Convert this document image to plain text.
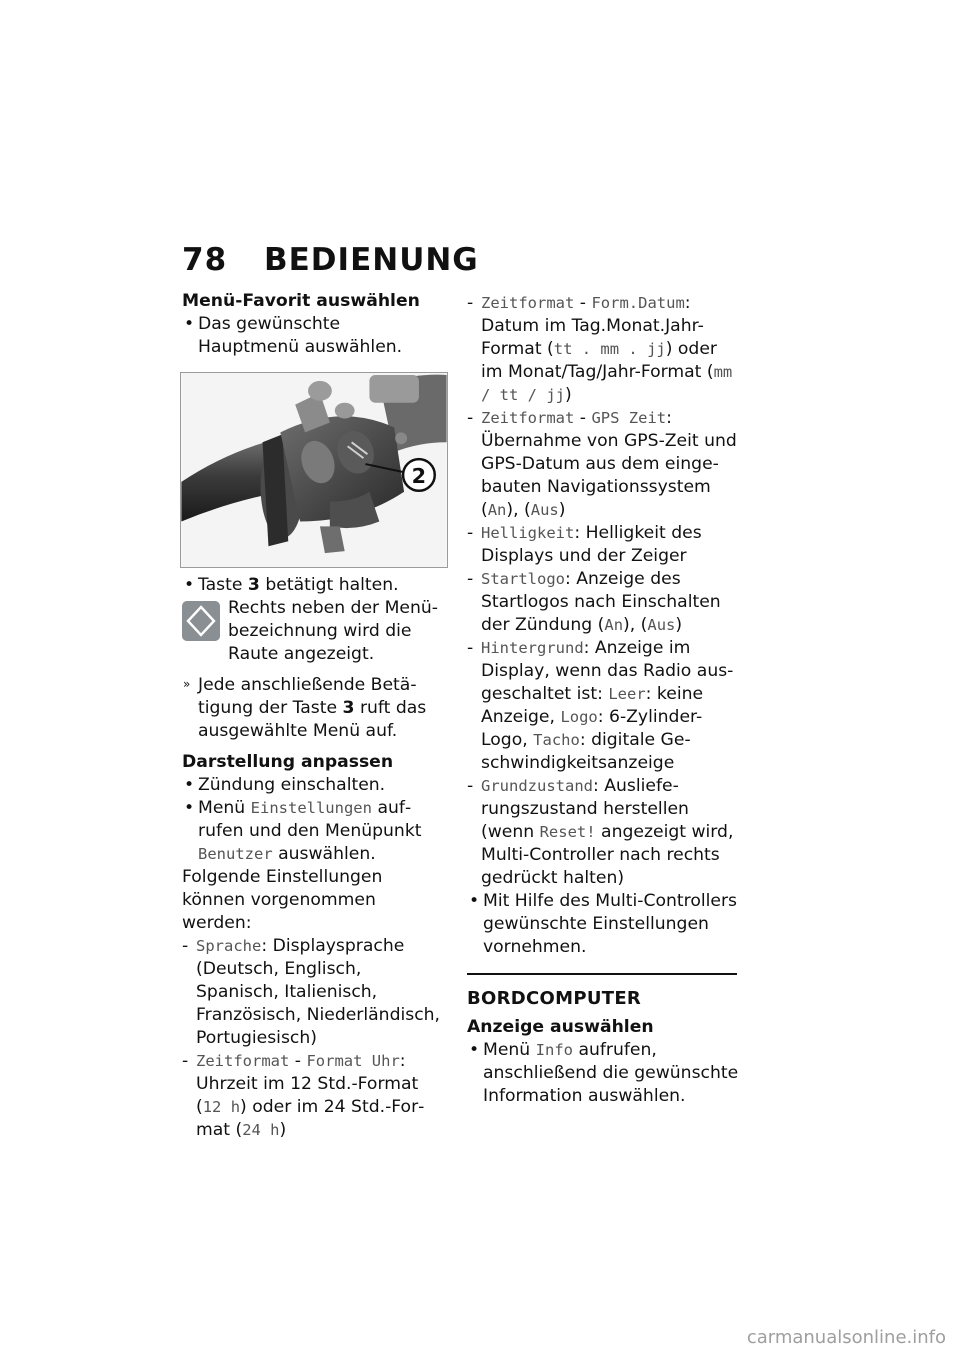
78 BEDIENUNG

Menü-Favorit auswählen

• Das gewünschte Hauptmenü auswählen.

2

• Taste 3 betätigt halten.

Rechts neben der Menübezeichnung wird die Raute angezeigt.

» Jede anschließende Betätigung der Taste 3 ruft das ausgewählte Menü auf.

Darstellung anpassen

• Zündung einschalten.

• Menü Einstellungen aufrufen und den Menüpunkt Benutzer auswählen.

Folgende Einstellungen können vorgenommen werden:

- Sprache: Displaysprache (Deutsch, Englisch, Spanisch, Italienisch, Französisch, Niederländisch, Portugiesisch)

- Zeitformat - Format Uhr: Uhrzeit im 12 Std.-Format (12 h) oder im 24 Std.-Format (24 h)

- Zeitformat - Form.Datum: Datum im Tag.Monat.Jahr-Format (tt . mm . jj) oder im Monat/Tag/Jahr-Format (mm / tt / jj)

- Zeitformat - GPS Zeit: Übernahme von GPS-Zeit und GPS-Datum aus dem eingebauten Navigationssystem (An), (Aus)

- Helligkeit: Helligkeit des Displays und der Zeiger

- Startlogo: Anzeige des Startlogos nach Einschalten der Zündung (An), (Aus)

- Hintergrund: Anzeige im Display, wenn das Radio ausgeschaltet ist: Leer: keine Anzeige, Logo: 6-Zylinder-Logo, Tacho: digitale Geschwindigkeitsanzeige

- Grundzustand: Auslieferungszustand herstellen (wenn Reset! angezeigt wird, Multi-Controller nach rechts gedrückt halten)

• Mit Hilfe des Multi-Controllers gewünschte Einstellungen vornehmen.

BORDCOMPUTER

Anzeige auswählen

• Menü Info aufrufen, anschließend die gewünschte Information auswählen.

carmanualsonline.info
